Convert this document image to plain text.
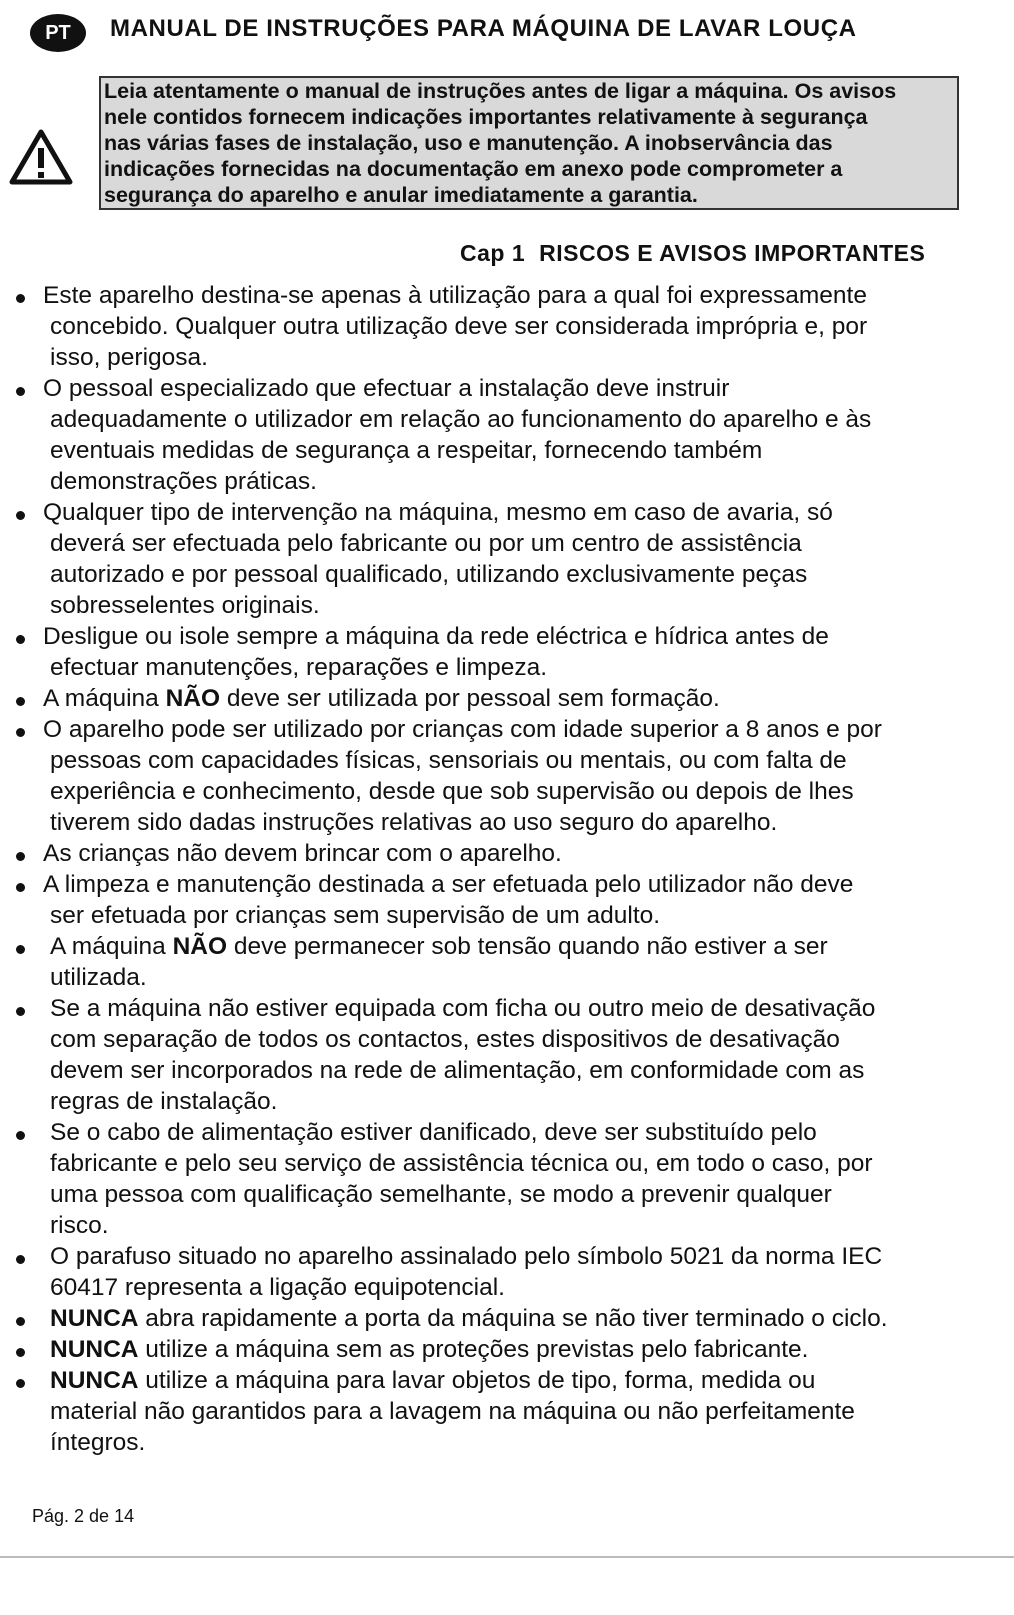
PT	MANUAL DE INSTRUÇÕES PARA MÁQUINA DE LAVAR LOUÇA
Leia atentamente o manual de instruções antes de ligar a máquina. Os avisos
nele contidos fornecem indicações importantes relativamente à segurança
nas várias fases de instalação, uso e manutenção. A inobservância das
indicações fornecidas na documentação em anexo pode comprometer a
segurança do aparelho e anular imediatamente a garantia.
Cap 1 RISCOS E AVISOS IMPORTANTES
Este aparelho destina-se apenas à utilização para a qual foi expressamente
concebido. Qualquer outra utilização deve ser considerada imprópria e, por
isso, perigosa.
O pessoal especializado que efectuar a instalação deve instruir
adequadamente o utilizador em relação ao funcionamento do aparelho e às
eventuais medidas de segurança a respeitar, fornecendo também
demonstrações práticas.
Qualquer tipo de intervenção na máquina, mesmo em caso de avaria, só
deverá ser efectuada pelo fabricante ou por um centro de assistência
autorizado e por pessoal qualificado, utilizando exclusivamente peças
sobresselentes originais.
Desligue ou isole sempre a máquina da rede eléctrica e hídrica antes de
efectuar manutenções, reparações e limpeza.
A máquina NÃO deve ser utilizada por pessoal sem formação.
O aparelho pode ser utilizado por crianças com idade superior a 8 anos e por
pessoas com capacidades físicas, sensoriais ou mentais, ou com falta de
experiência e conhecimento, desde que sob supervisão ou depois de lhes
tiverem sido dadas instruções relativas ao uso seguro do aparelho.
As crianças não devem brincar com o aparelho.
A limpeza e manutenção destinada a ser efetuada pelo utilizador não deve
ser efetuada por crianças sem supervisão de um adulto.
A máquina NÃO deve permanecer sob tensão quando não estiver a ser
utilizada.
Se a máquina não estiver equipada com ficha ou outro meio de desativação
com separação de todos os contactos, estes dispositivos de desativação
devem ser incorporados na rede de alimentação, em conformidade com as
regras de instalação.
Se o cabo de alimentação estiver danificado, deve ser substituído pelo
fabricante e pelo seu serviço de assistência técnica ou, em todo o caso, por
uma pessoa com qualificação semelhante, se modo a prevenir qualquer
risco.
O parafuso situado no aparelho assinalado pelo símbolo 5021 da norma IEC
60417 representa a ligação equipotencial.
NUNCA abra rapidamente a porta da máquina se não tiver terminado o ciclo.
NUNCA utilize a máquina sem as proteções previstas pelo fabricante.
NUNCA utilize a máquina para lavar objetos de tipo, forma, medida ou
material não garantidos para a lavagem na máquina ou não perfeitamente
íntegros.
Pág. 2 de 14
